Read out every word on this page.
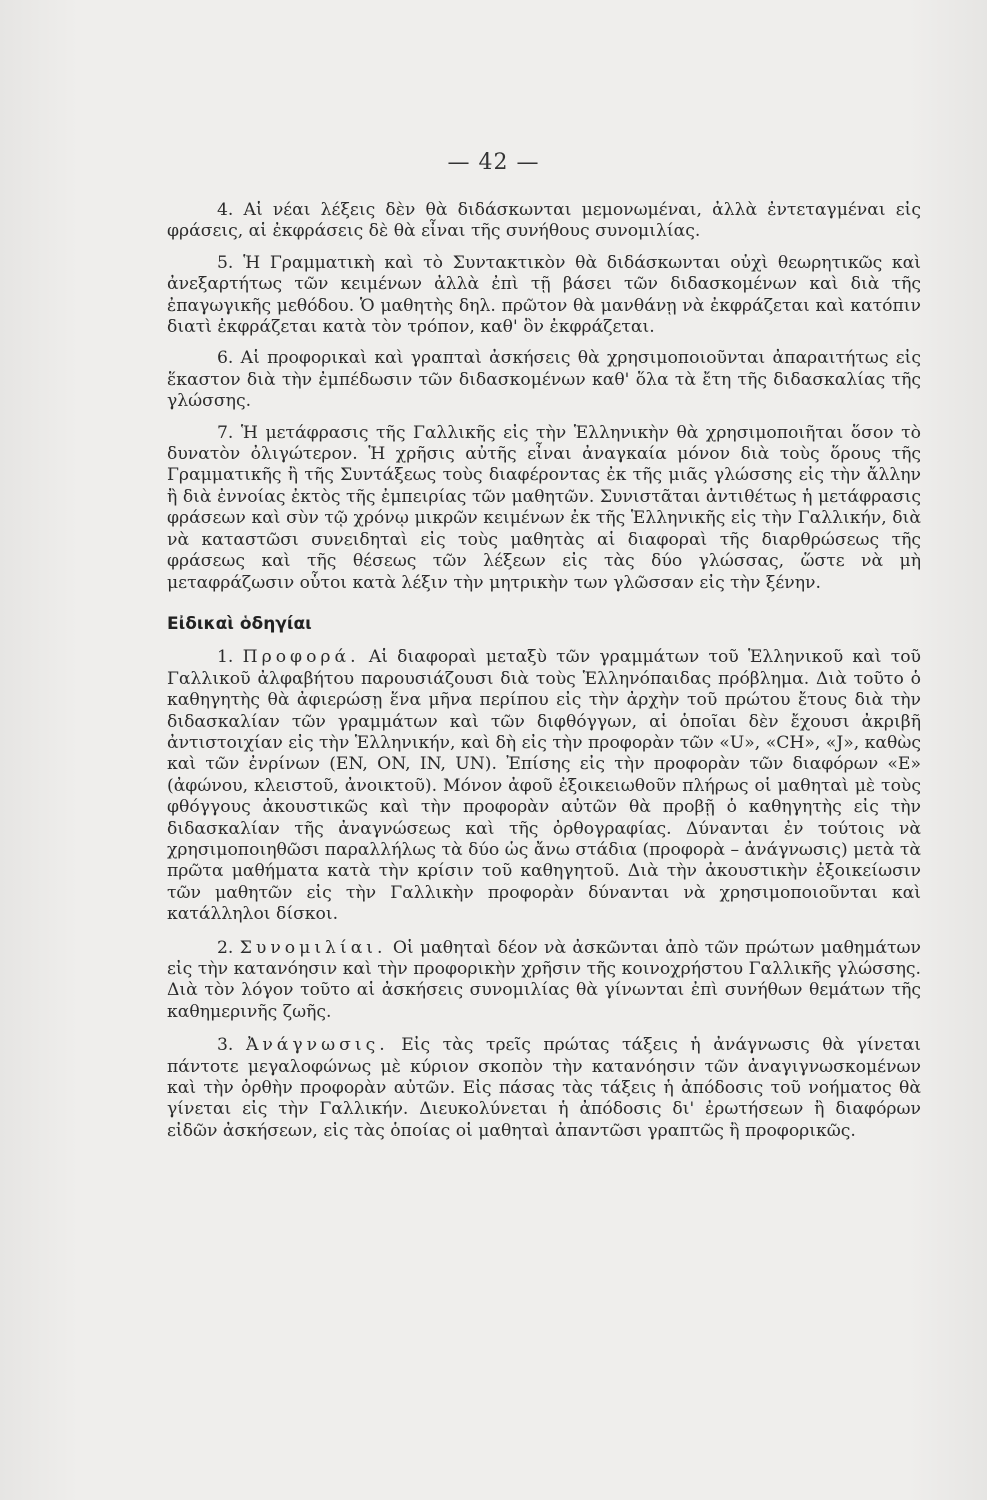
— 42 —

4. Αἱ νέαι λέξεις δὲν θὰ διδάσκωνται μεμονωμέναι, ἀλλὰ ἐντεταγμέναι εἰς φράσεις, αἱ ἐκφράσεις δὲ θὰ εἶναι τῆς συνήθους συνομιλίας.

5. Ἡ Γραμματικὴ καὶ τὸ Συντακτικὸν θὰ διδάσκωνται οὐχὶ θεωρητικῶς καὶ ἀνεξαρτήτως τῶν κειμένων ἀλλὰ ἐπὶ τῇ βάσει τῶν διδασκομένων καὶ διὰ τῆς ἐπαγωγικῆς μεθόδου. Ὁ μαθητὴς δηλ. πρῶτον θὰ μανθάνῃ νὰ ἐκφράζεται καὶ κατόπιν διατὶ ἐκφράζεται κατὰ τὸν τρόπον, καθ' ὃν ἐκφράζεται.

6. Αἱ προφορικαὶ καὶ γραπταὶ ἀσκήσεις θὰ χρησιμοποιοῦνται ἀπαραιτήτως εἰς ἕκαστον διὰ τὴν ἐμπέδωσιν τῶν διδασκομένων καθ' ὅλα τὰ ἔτη τῆς διδασκαλίας τῆς γλώσσης.

7. Ἡ μετάφρασις τῆς Γαλλικῆς εἰς τὴν Ἑλληνικὴν θὰ χρησιμοποιῆται ὅσον τὸ δυνατὸν ὀλιγώτερον. Ἡ χρῆσις αὐτῆς εἶναι ἀναγκαία μόνον διὰ τοὺς ὅρους τῆς Γραμματικῆς ἢ τῆς Συντάξεως τοὺς διαφέροντας ἐκ τῆς μιᾶς γλώσσης εἰς τὴν ἄλλην ἢ διὰ ἐννοίας ἐκτὸς τῆς ἐμπειρίας τῶν μαθητῶν. Συνιστᾶται ἀντιθέτως ἡ μετάφρασις φράσεων καὶ σὺν τῷ χρόνῳ μικρῶν κειμένων ἐκ τῆς Ἑλληνικῆς εἰς τὴν Γαλλικήν, διὰ νὰ καταστῶσι συνειδηταὶ εἰς τοὺς μαθητὰς αἱ διαφοραὶ τῆς διαρθρώσεως τῆς φράσεως καὶ τῆς θέσεως τῶν λέξεων εἰς τὰς δύο γλώσσας, ὥστε νὰ μὴ μεταφράζωσιν οὗτοι κατὰ λέξιν τὴν μητρικὴν των γλῶσσαν εἰς τὴν ξένην.

Εἰδικαὶ ὁδηγίαι

1. Προφορά. Αἱ διαφοραὶ μεταξὺ τῶν γραμμάτων τοῦ Ἑλληνικοῦ καὶ τοῦ Γαλλικοῦ ἀλφαβήτου παρουσιάζουσι διὰ τοὺς Ἑλληνόπαιδας πρόβλημα. Διὰ τοῦτο ὁ καθηγητὴς θὰ ἀφιερώσῃ ἕνα μῆνα περίπου εἰς τὴν ἀρχὴν τοῦ πρώτου ἔτους διὰ τὴν διδασκαλίαν τῶν γραμμάτων καὶ τῶν διφθόγγων, αἱ ὁποῖαι δὲν ἔχουσι ἀκριβῆ ἀντιστοιχίαν εἰς τὴν Ἑλληνικήν, καὶ δὴ εἰς τὴν προφορὰν τῶν «U», «CH», «J», καθὼς καὶ τῶν ἐνρίνων (EN, ON, IN, UN). Ἐπίσης εἰς τὴν προφορὰν τῶν διαφόρων «E» (ἀφώνου, κλειστοῦ, ἀνοικτοῦ). Μόνον ἀφοῦ ἐξοικειωθοῦν πλήρως οἱ μαθηταὶ μὲ τοὺς φθόγγους ἀκουστικῶς καὶ τὴν προφορὰν αὐτῶν θὰ προβῇ ὁ καθηγητὴς εἰς τὴν διδασκαλίαν τῆς ἀναγνώσεως καὶ τῆς ὀρθογραφίας. Δύνανται ἐν τούτοις νὰ χρησιμοποιηθῶσι παραλλήλως τὰ δύο ὡς ἄνω στάδια (προφορὰ – ἀνάγνωσις) μετὰ τὰ πρῶτα μαθήματα κατὰ τὴν κρίσιν τοῦ καθηγητοῦ. Διὰ τὴν ἀκουστικὴν ἐξοικείωσιν τῶν μαθητῶν εἰς τὴν Γαλλικὴν προφορὰν δύνανται νὰ χρησιμοποιοῦνται καὶ κατάλληλοι δίσκοι.

2. Συνομιλίαι. Οἱ μαθηταὶ δέον νὰ ἀσκῶνται ἀπὸ τῶν πρώτων μαθημάτων εἰς τὴν κατανόησιν καὶ τὴν προφορικὴν χρῆσιν τῆς κοινοχρήστου Γαλλικῆς γλώσσης. Διὰ τὸν λόγον τοῦτο αἱ ἀσκήσεις συνομιλίας θὰ γίνωνται ἐπὶ συνήθων θεμάτων τῆς καθημερινῆς ζωῆς.

3. Ἀνάγνωσις. Εἰς τὰς τρεῖς πρώτας τάξεις ἡ ἀνάγνωσις θὰ γίνεται πάντοτε μεγαλοφώνως μὲ κύριον σκοπὸν τὴν κατανόησιν τῶν ἀναγιγνωσκομένων καὶ τὴν ὀρθὴν προφορὰν αὐτῶν. Εἰς πάσας τὰς τάξεις ἡ ἀπόδοσις τοῦ νοήματος θὰ γίνεται εἰς τὴν Γαλλικήν. Διευκολύνεται ἡ ἀπόδοσις δι' ἐρωτήσεων ἢ διαφόρων εἰδῶν ἀσκήσεων, εἰς τὰς ὁποίας οἱ μαθηταὶ ἀπαντῶσι γραπτῶς ἢ προφορικῶς.
